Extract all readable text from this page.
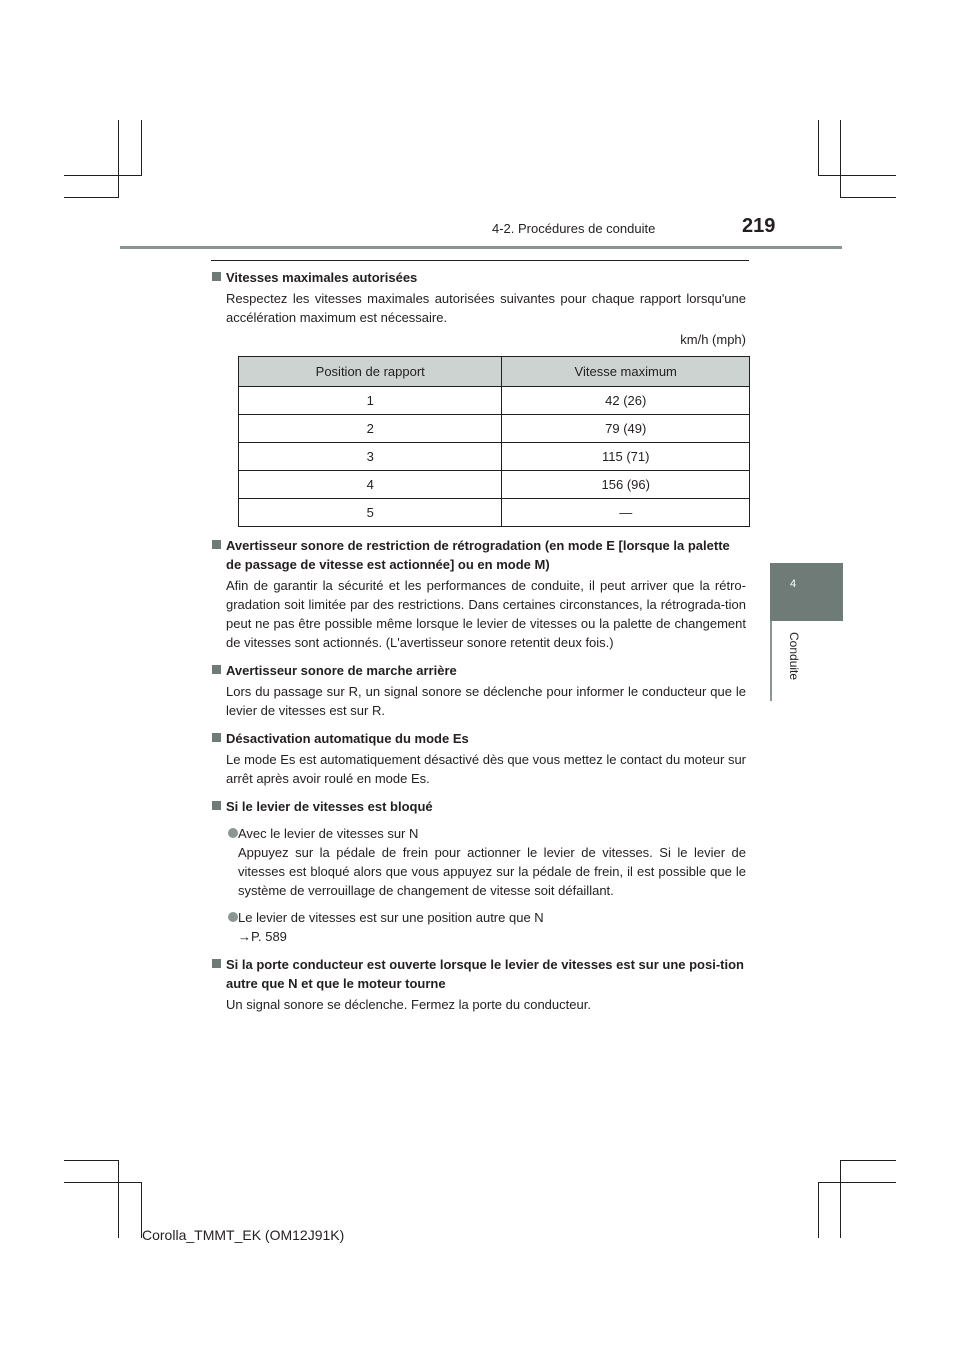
4-2. Procédures de conduite	219
4
Conduite
Vitesses maximales autorisées
Respectez les vitesses maximales autorisées suivantes pour chaque rapport lorsqu'une accélération maximum est nécessaire.
km/h (mph)
Position de rapport	Vitesse maximum
1	42 (26)
2	79 (49)
3	115 (71)
4	156 (96)
5	—
Avertisseur sonore de restriction de rétrogradation (en mode E [lorsque la palette de passage de vitesse est actionnée] ou en mode M)
Afin de garantir la sécurité et les performances de conduite, il peut arriver que la rétro-gradation soit limitée par des restrictions. Dans certaines circonstances, la rétrograda-tion peut ne pas être possible même lorsque le levier de vitesses ou la palette de changement de vitesses sont actionnés. (L'avertisseur sonore retentit deux fois.)
Avertisseur sonore de marche arrière
Lors du passage sur R, un signal sonore se déclenche pour informer le conducteur que le levier de vitesses est sur R.
Désactivation automatique du mode Es
Le mode Es est automatiquement désactivé dès que vous mettez le contact du moteur sur arrêt après avoir roulé en mode Es.
Si le levier de vitesses est bloqué
Avec le levier de vitesses sur N
Appuyez sur la pédale de frein pour actionner le levier de vitesses. Si le levier de vitesses est bloqué alors que vous appuyez sur la pédale de frein, il est possible que le système de verrouillage de changement de vitesse soit défaillant.
Le levier de vitesses est sur une position autre que N
→P. 589
Si la porte conducteur est ouverte lorsque le levier de vitesses est sur une posi-tion autre que N et que le moteur tourne
Un signal sonore se déclenche. Fermez la porte du conducteur.
Corolla_TMMT_EK (OM12J91K)
